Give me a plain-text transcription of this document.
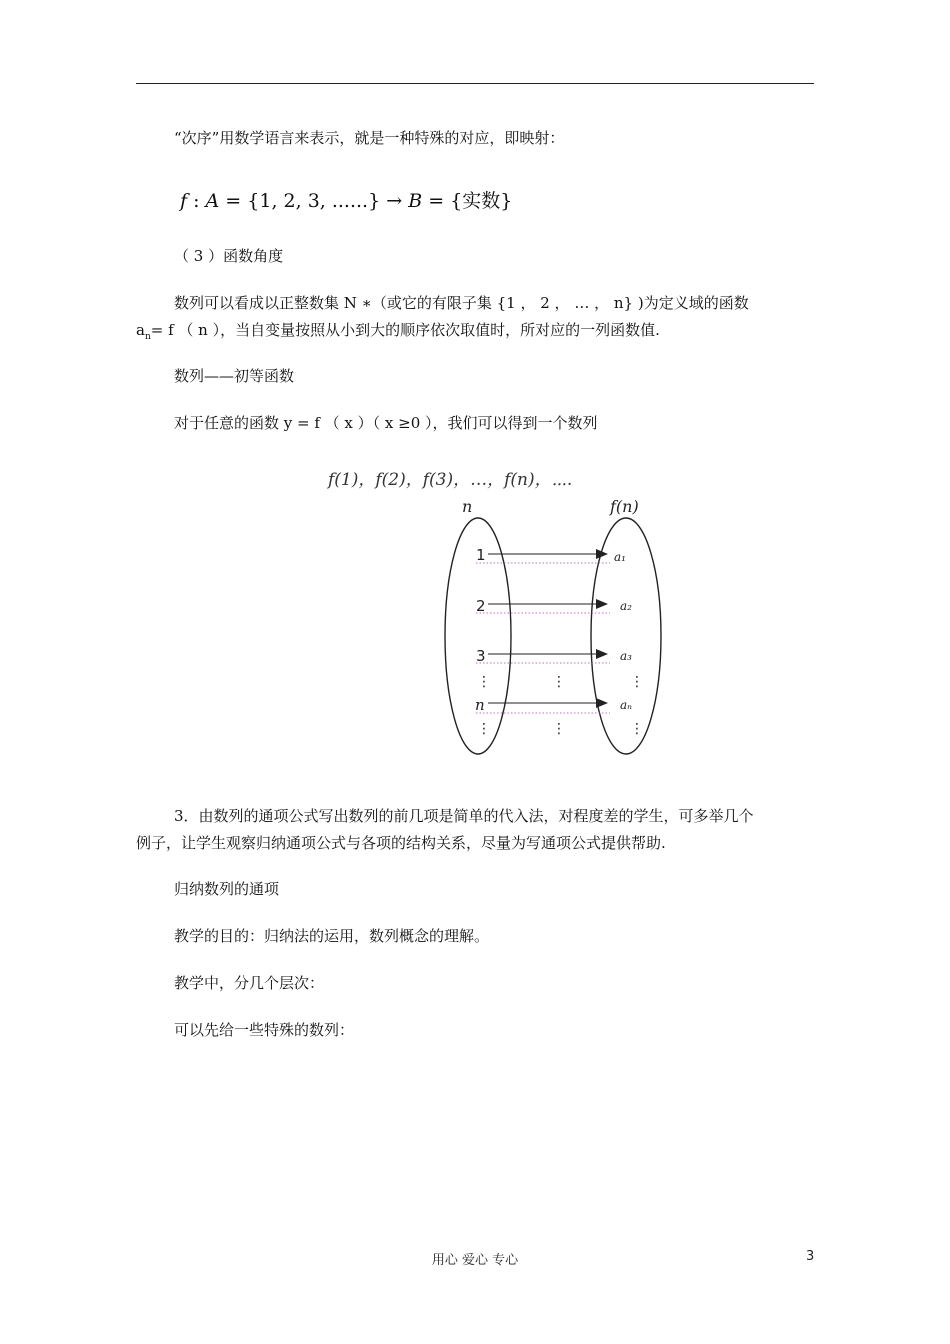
“次序”用数学语言来表示，就是一种特殊的对应，即映射：
f : A = {1, 2, 3, ......} → B = {实数}
（ 3 ）函数角度
数列可以看成以正整数集 N ∗（或它的有限子集 {1 ， 2 ， … ， n} )为定义域的函数
$a_n= f$ （ n ），当自变量按照从小到大的顺序依次取值时，所对应的一列函数值.
数列——初等函数
对于任意的函数 y = f （ x ）（ x ≥0 ），我们可以得到一个数列
f(1)，f(2)，f(3)，…，f(n)，⋯.
n	f(n)
1	a₁
2	a₂
3	a₃
⋮	⋮	⋮
n	aₙ
⋮	⋮	⋮
3．由数列的通项公式写出数列的前几项是简单的代入法，对程度差的学生，可多举几个
例子，让学生观察归纳通项公式与各项的结构关系，尽量为写通项公式提供帮助.
归纳数列的通项
教学的目的：归纳法的运用，数列概念的理解。
教学中，分几个层次：
可以先给一些特殊的数列：
用心 爱心 专心	3
